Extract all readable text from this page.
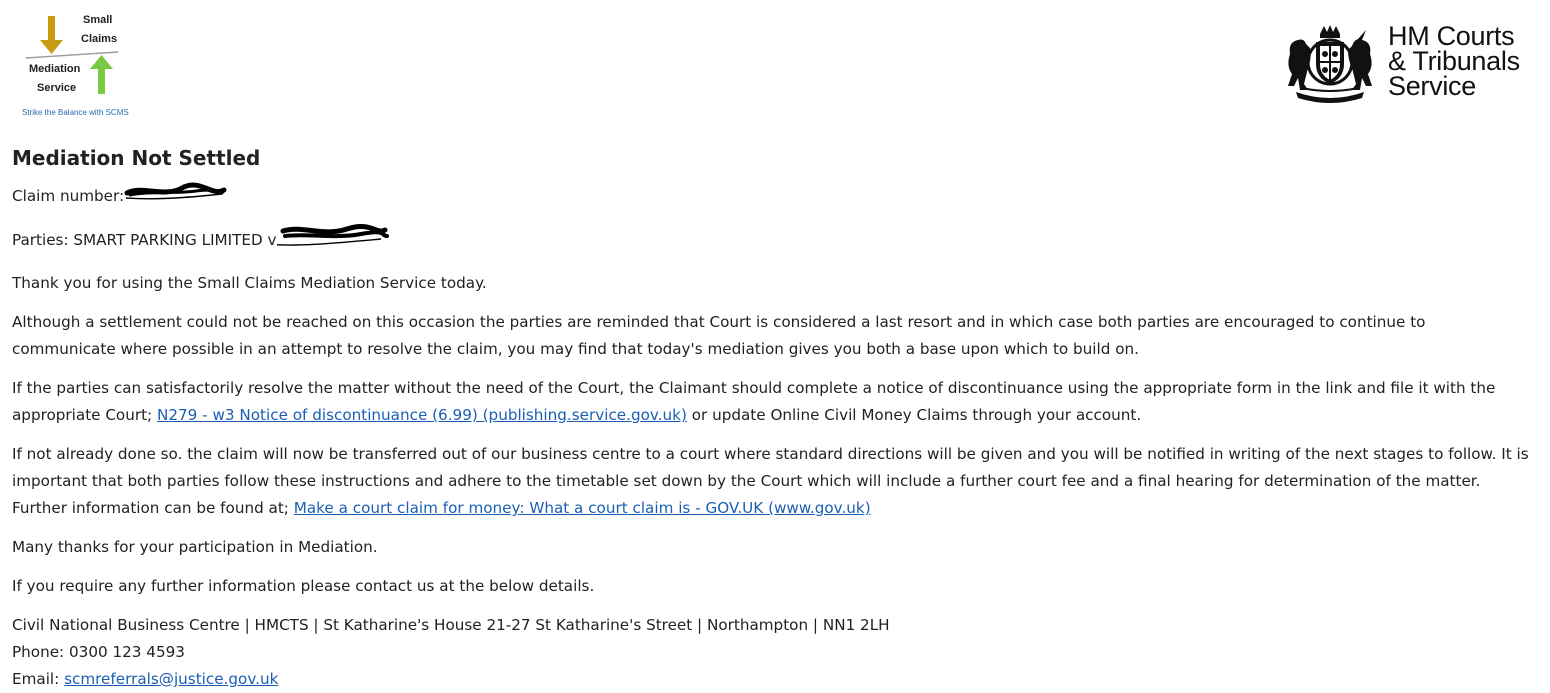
Small
Claims
Mediation
Service
Strike the Balance with SCMS
HM Courts
& Tribunals
Service
Mediation Not Settled

Claim number:

Parties: SMART PARKING LIMITED v

Thank you for using the Small Claims Mediation Service today.

Although a settlement could not be reached on this occasion the parties are reminded that Court is considered a last resort and in which case both parties are encouraged to continue to communicate where possible in an attempt to resolve the claim, you may find that today's mediation gives you both a base upon which to build on.

If the parties can satisfactorily resolve the matter without the need of the Court, the Claimant should complete a notice of discontinuance using the appropriate form in the link and file it with the appropriate Court; N279 - w3 Notice of discontinuance (6.99) (publishing.service.gov.uk) or update Online Civil Money Claims through your account.

If not already done so. the claim will now be transferred out of our business centre to a court where standard directions will be given and you will be notified in writing of the next stages to follow. It is important that both parties follow these instructions and adhere to the timetable set down by the Court which will include a further court fee and a final hearing for determination of the matter. Further information can be found at; Make a court claim for money: What a court claim is - GOV.UK (www.gov.uk)

Many thanks for your participation in Mediation.

If you require any further information please contact us at the below details.

Civil National Business Centre | HMCTS | St Katharine's House 21-27 St Katharine's Street | Northampton | NN1 2LH

Phone: 0300 123 4593

Email: scmreferrals@justice.gov.uk
